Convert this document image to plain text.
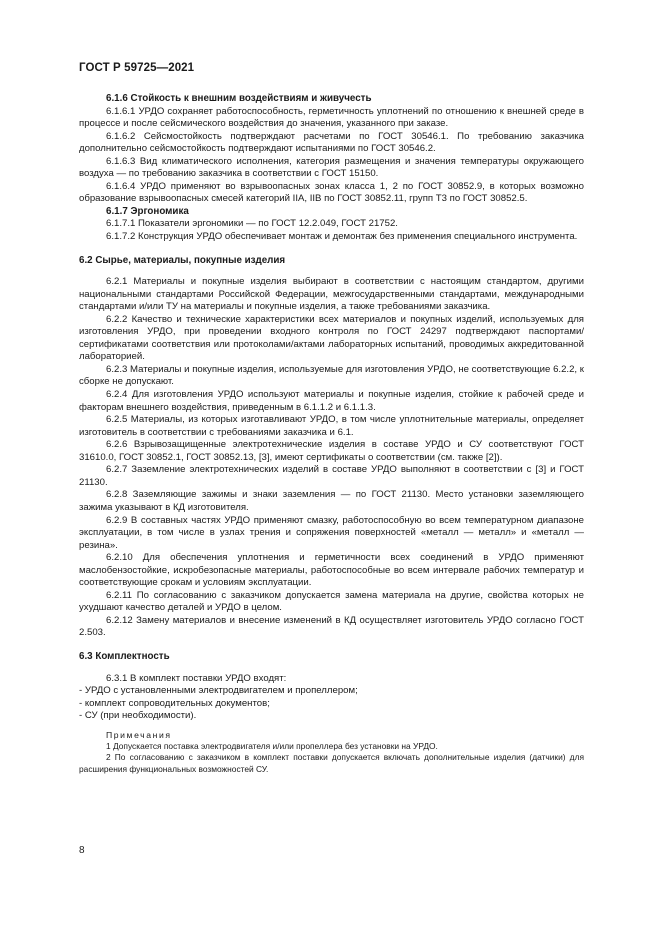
ГОСТ Р 59725—2021

6.1.6 Стойкость к внешним воздействиям и живучесть

6.1.6.1 УРДО сохраняет работоспособность, герметичность уплотнений по отношению к внешней среде в процессе и после сейсмического воздействия до значения, указанного при заказе.

6.1.6.2 Сейсмостойкость подтверждают расчетами по ГОСТ 30546.1. По требованию заказчика дополнительно сейсмостойкость подтверждают испытаниями по ГОСТ 30546.2.

6.1.6.3 Вид климатического исполнения, категория размещения и значения температуры окружающего воздуха — по требованию заказчика в соответствии с ГОСТ 15150.

6.1.6.4 УРДО применяют во взрывоопасных зонах класса 1, 2 по ГОСТ 30852.9, в которых возможно образование взрывоопасных смесей категорий IIА, IIВ по ГОСТ 30852.11, групп Т3 по ГОСТ 30852.5.

6.1.7 Эргономика

6.1.7.1 Показатели эргономики — по ГОСТ 12.2.049, ГОСТ 21752.

6.1.7.2 Конструкция УРДО обеспечивает монтаж и демонтаж без применения специального инструмента.

6.2 Сырье, материалы, покупные изделия

6.2.1 Материалы и покупные изделия выбирают в соответствии с настоящим стандартом, другими национальными стандартами Российской Федерации, межгосударственными стандартами, международными стандартами и/или ТУ на материалы и покупные изделия, а также требованиями заказчика.

6.2.2 Качество и технические характеристики всех материалов и покупных изделий, используемых для изготовления УРДО, при проведении входного контроля по ГОСТ 24297 подтверждают паспортами/сертификатами соответствия или протоколами/актами лабораторных испытаний, проводимых аккредитованной лабораторией.

6.2.3 Материалы и покупные изделия, используемые для изготовления УРДО, не соответствующие 6.2.2, к сборке не допускают.

6.2.4 Для изготовления УРДО используют материалы и покупные изделия, стойкие к рабочей среде и факторам внешнего воздействия, приведенным в 6.1.1.2 и 6.1.1.3.

6.2.5 Материалы, из которых изготавливают УРДО, в том числе уплотнительные материалы, определяет изготовитель в соответствии с требованиями заказчика и 6.1.

6.2.6 Взрывозащищенные электротехнические изделия в составе УРДО и СУ соответствуют ГОСТ 31610.0, ГОСТ 30852.1, ГОСТ 30852.13, [3], имеют сертификаты о соответствии (см. также [2]).

6.2.7 Заземление электротехнических изделий в составе УРДО выполняют в соответствии с [3] и ГОСТ 21130.

6.2.8 Заземляющие зажимы и знаки заземления — по ГОСТ 21130. Место установки заземляющего зажима указывают в КД изготовителя.

6.2.9 В составных частях УРДО применяют смазку, работоспособную во всем температурном диапазоне эксплуатации, в том числе в узлах трения и сопряжения поверхностей «металл — металл» и «металл — резина».

6.2.10 Для обеспечения уплотнения и герметичности всех соединений в УРДО применяют маслобензостойкие, искробезопасные материалы, работоспособные во всем интервале рабочих температур и соответствующие срокам и условиям эксплуатации.

6.2.11 По согласованию с заказчиком допускается замена материала на другие, свойства которых не ухудшают качество деталей и УРДО в целом.

6.2.12 Замену материалов и внесение изменений в КД осуществляет изготовитель УРДО согласно ГОСТ 2.503.

6.3 Комплектность

6.3.1 В комплект поставки УРДО входят:

- УРДО с установленными электродвигателем и пропеллером;

- комплект сопроводительных документов;

- СУ (при необходимости).

Примечания

1 Допускается поставка электродвигателя и/или пропеллера без установки на УРДО.

2 По согласованию с заказчиком в комплект поставки допускается включать дополнительные изделия (датчики) для расширения функциональных возможностей СУ.

8
